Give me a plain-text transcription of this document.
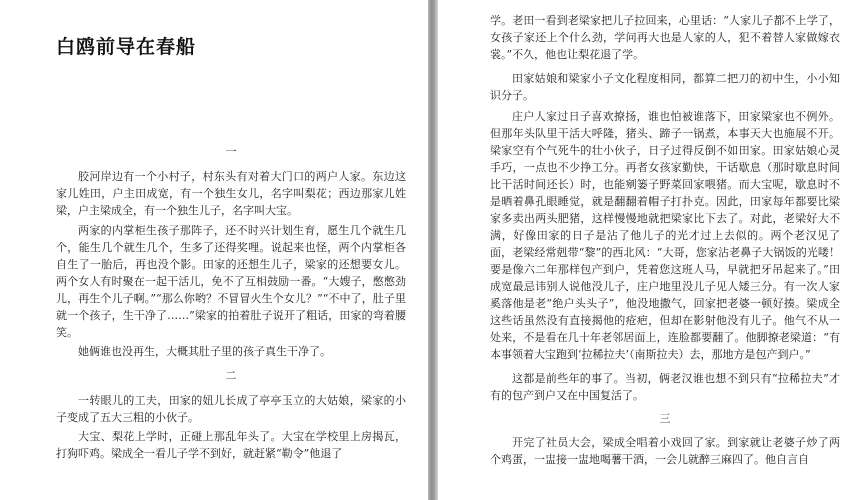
白鸥前导在春船

一

胶河岸边有一个小村子，村东头有对着大门口的两户人家。东边这家儿姓田，户主田成宽，有一个独生女儿，名字叫梨花；西边那家儿姓梁，户主梁成全，有一个独生儿子，名字叫大宝。

两家的内掌柜生孩子那阵子，还不时兴计划生育，愿生几个就生几个，能生几个就生几个，生多了还得奖哩。说起来也怪，两个内掌柜各自生了一胎后，再也没个影。田家的还想生儿子，梁家的还想要女儿。两个女人有时聚在一起干活儿，免不了互相鼓励一番。“大嫂子，憋憋劲儿，再生个儿子啊。”“那么你哟？不冒冒火生个女儿？”“不中了，肚子里就一个孩子，生干净了……”梁家的拍着肚子说开了粗话，田家的弯着腰笑。

她俩谁也没再生，大概其肚子里的孩子真生干净了。

二

一转眼儿的工夫，田家的妞儿长成了亭亭玉立的大姑娘，梁家的小子变成了五大三粗的小伙子。

大宝、梨花上学时，正碰上那乱年头了。大宝在学校里上房揭瓦，打狗吓鸡。梁成全一看儿子学不到好，就赶紧“勒令”他退了

学。老田一看到老梁家把儿子拉回来，心里话：“人家儿子都不上学了，女孩子家还上个什么劲，学问再大也是人家的人，犯不着替人家做嫁衣裳。”不久，他也让梨花退了学。

田家姑娘和梁家小子文化程度相同，都算二把刀的初中生，小小知识分子。

庄户人家过日子喜欢撩扬，谁也怕被谁落下，田家梁家也不例外。但那年头队里干活大呼隆，猪头、蹄子一锅煮，本事天大也施展不开。梁家空有个气死牛的壮小伙子，日子过得反倒不如田家。田家姑娘心灵手巧，一点也不少挣工分。再者女孩家勤快，干话歇息（那时歇息时间比干活时间还长）时，也能剜篓子野菜回家喂猪。而大宝呢，歇息时不是晒着鼻孔眼睡觉，就是翻翻着帽子打扑克。因此，田家每年都要比梁家多卖出两头肥猪，这样慢慢地就把梁家比下去了。对此，老梁好大不满，好像田家的日子是沾了他儿子的光才过上去似的。两个老汉见了面，老梁经常剋带“黎”的西北风：“大哥，您家沾老鼻子大锅饭的光喽！要是像六二年那样包产到户，凭着您这班人马，早就把牙吊起来了。”田成宽最忌讳别人说他没儿子，庄户地里没儿子见人矮三分。有一次人家奚落他是老“绝户头头子”，他没地撒气，回家把老婆一顿好揍。梁成全这些话虽然没有直接揭他的疮疤，但却在影射他没有儿子。他气不从一处来，不是看在几十年老邻居面上，连脸都要翻了。他脚撩老梁道：“有本事领着大宝跑到‘拉稀拉夫’（南斯拉夫）去，那地方是包产到户。”

这都是前些年的事了。当初，俩老汉谁也想不到只有“拉稀拉夫”才有的包产到户又在中国复活了。

三

开完了社员大会，梁成全唱着小戏回了家。到家就让老婆子炒了两个鸡蛋，一盅接一盅地喝薯干酒，一会儿就醉三麻四了。他自言自
